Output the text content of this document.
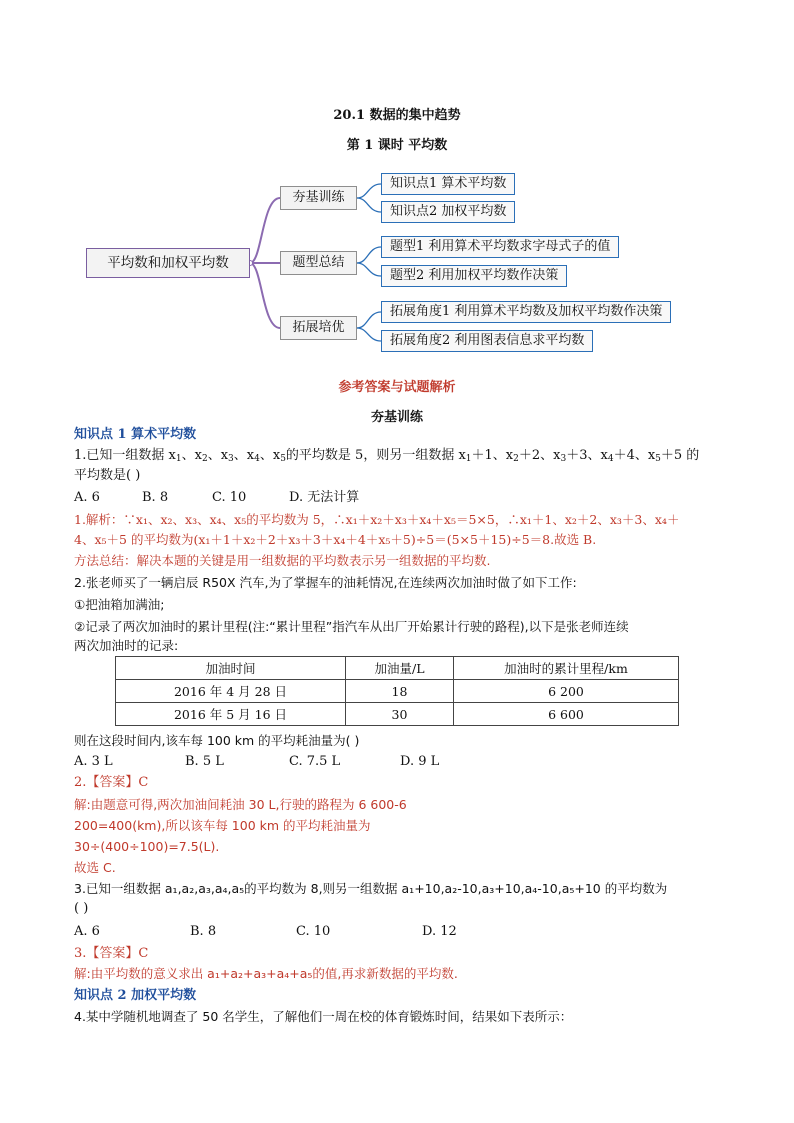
20.1 数据的集中趋势
第 1 课时 平均数
平均数和加权平均数
夯基训练
题型总结
拓展培优
知识点1 算术平均数
知识点2 加权平均数
题型1 利用算术平均数求字母式子的值
题型2 利用加权平均数作决策
拓展角度1 利用算术平均数及加权平均数作决策
拓展角度2 利用图表信息求平均数
参考答案与试题解析
夯基训练
知识点 1 算术平均数
1.已知一组数据 $x_1$、$x_2$、$x_3$、$x_4$、$x_5$的平均数是 5，则另一组数据 $x_1+1$、$x_2+2$、$x_3+3$、$x_4+4$、$x_5+5$ 的
平均数是( )
A. 6	B. 8	C. 10	D. 无法计算
1.解析：∵x₁、x₂、x₃、x₄、x₅的平均数为 5，∴x₁＋x₂＋x₃＋x₄＋x₅＝5×5，∴x₁＋1、x₂＋2、x₃＋3、x₄＋
4、x₅＋5 的平均数为(x₁＋1＋x₂＋2＋x₃＋3＋x₄＋4＋x₅＋5)÷5＝(5×5＋15)÷5＝8.故选 B.
方法总结：解决本题的关键是用一组数据的平均数表示另一组数据的平均数.
2.张老师买了一辆启辰 R50X 汽车,为了掌握车的油耗情况,在连续两次加油时做了如下工作:
①把油箱加满油;
②记录了两次加油时的累计里程(注:“累计里程”指汽车从出厂开始累计行驶的路程),以下是张老师连续
两次加油时的记录:
加油时间	加油量/L	加油时的累计里程/km
2016 年 4 月 28 日	18	6 200
2016 年 5 月 16 日	30	6 600
则在这段时间内,该车每 100 km 的平均耗油量为( )
A. 3 L	B. 5 L	C. 7.5 L	D. 9 L
2.【答案】C
解:由题意可得,两次加油间耗油 30 L,行驶的路程为 6 600-6
200=400(km),所以该车每 100 km 的平均耗油量为
30÷(400÷100)=7.5(L).
故选 C.
3.已知一组数据 a₁,a₂,a₃,a₄,a₅的平均数为 8,则另一组数据 a₁+10,a₂-10,a₃+10,a₄-10,a₅+10 的平均数为
( )
A. 6	B. 8	C. 10	D. 12
3.【答案】C
解:由平均数的意义求出 a₁+a₂+a₃+a₄+a₅的值,再求新数据的平均数.
知识点 2 加权平均数
4.某中学随机地调查了 50 名学生，了解他们一周在校的体育锻炼时间，结果如下表所示：
